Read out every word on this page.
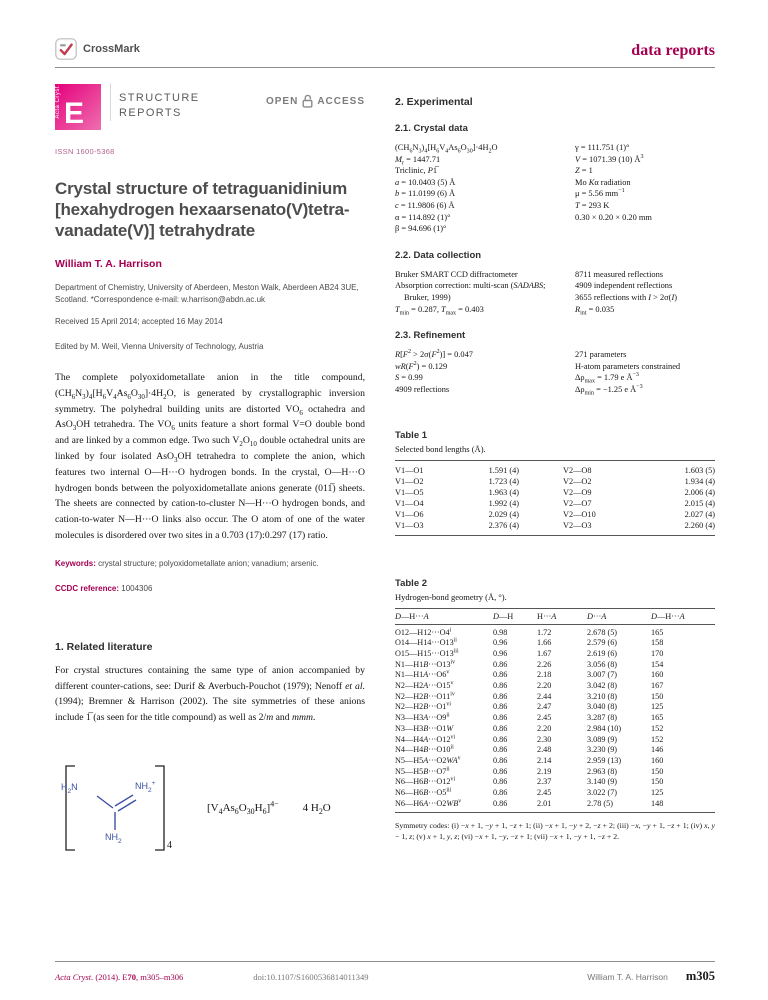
CrossMark	data reports
Acta Cryst E	STRUCTURE
REPORTS
OPEN ACCESS
ISSN 1600-5368
Crystal structure of tetraguanidinium
[hexahydrogen hexaarsenato(V)tetra-
vanadate(V)] tetrahydrate
William T. A. Harrison

Department of Chemistry, University of Aberdeen, Meston Walk, Aberdeen AB24 3UE, Scotland. *Correspondence e-mail: w.harrison@abdn.ac.uk

Received 15 April 2014; accepted 16 May 2014
Edited by M. Weil, Vienna University of Technology, Austria

The complete polyoxidometallate anion in the title compound, $(CH_6N_3)_4[H_6V_4As_6O_{30}]\cdot 4H_2O$, is generated by crystallographic inversion symmetry. The polyhedral building units are distorted $VO_6$ octahedra and AsO$_3$OH tetrahedra. The $VO_6$ units feature a short formal V=O double bond and are linked by a common edge. Two such $V_2O_{10}$ double octahedral units are linked by four isolated AsO$_3$OH tetrahedra to complete the anion, which features two internal O—H···O hydrogen bonds. In the crystal, O—H···O hydrogen bonds between the polyoxidometallate anions generate (011̅) sheets. The sheets are connected by cation-to-cluster N—H···O hydrogen bonds, and cation-to-water N—H···O links also occur. The O atom of one of the water molecules is disordered over two sites in a 0.703 (17):0.297 (17) ratio.

Keywords: crystal structure; polyoxidometallate anion; vanadium; arsenic.

CCDC reference: 1004306

1. Related literature

For crystal structures containing the same type of anion accompanied by different counter-cations, see: Durif & Averbuch-Pouchot (1979); Nenoff et al. (1994); Bremner & Harrison (2002). The site symmetries of these anions include 1̅ (as seen for the title compound) as well as 2/m and mmm.

$H_2N$	$NH_2^+$
$NH_2$	4
$[V_4As_6O_{30}H_6]^{4-}$ 4 $H_2O$
2. Experimental
2.1. Crystal data
$(CH_6N_3)_4[H_6V_4As_6O_{30}]\cdot 4H_2O$
$M_r = 1447.71$
Triclinic, P1̅
a = 10.0403 (5) Å
b = 11.0199 (6) Å
c = 11.9806 (6) Å
α = 114.892 (1)°
β = 94.696 (1)°
γ = 111.751 (1)°
V = 1071.39 (10) $Å^3$
Z = 1
Mo Kα radiation
μ = 5.56 $mm^{-1}$
T = 293 K
0.30 × 0.20 × 0.20 mm
2.2. Data collection
Bruker SMART CCD diffractometer
Absorption correction: multi-scan (SADABS; Bruker, 1999)
$T_{min} = 0.287$, $T_{max} = 0.403$
8711 measured reflections
4909 independent reflections
3655 reflections with I > 2σ(I)
$R_{int} = 0.035$
2.3. Refinement
$R[F^2 > 2\sigma(F^2)] = 0.047$
$wR(F^2) = 0.129$
S = 0.99
4909 reflections
271 parameters
H-atom parameters constrained
$\Delta\rho_{max} = 1.79$ e $Å^{-3}$
$\Delta\rho_{min} = -1.25$ e $Å^{-3}$
Table 1
Selected bond lengths (Å).
V1—O1	1.591 (4)	V2—O8	1.603 (5)
V1—O2	1.723 (4)	V2—O2	1.934 (4)
V1—O5	1.963 (4)	V2—O9	2.006 (4)
V1—O4	1.992 (4)	V2—O7	2.015 (4)
V1—O6	2.029 (4)	V2—O10	2.027 (4)
V1—O3	2.376 (4)	V2—O3	2.260 (4)
Table 2
Hydrogen-bond geometry (Å, °).
D—H···A	D—H	H···A	D···A	D—H···A
$O12—H12\cdot\cdot\cdot O4^i$	0.98	1.72	2.678 (5)	165
$O14—H14\cdot\cdot\cdot O13^{ii}$	0.96	1.66	2.579 (6)	158
$O15—H15\cdot\cdot\cdot O13^{iii}$	0.96	1.67	2.619 (6)	170
$N1—H1B\cdot\cdot\cdot O13^{iv}$	0.86	2.26	3.056 (8)	154
$N1—H1A\cdot\cdot\cdot O6^v$	0.86	2.18	3.007 (7)	160
$N2—H2A\cdot\cdot\cdot O15^v$	0.86	2.20	3.042 (8)	167
$N2—H2B\cdot\cdot\cdot O11^{iv}$	0.86	2.44	3.210 (8)	150
$N2—H2B\cdot\cdot\cdot O1^{vi}$	0.86	2.47	3.040 (8)	125
$N3—H3A\cdot\cdot\cdot O9^{ii}$	0.86	2.45	3.287 (8)	165
N3—H3B···O1W	0.86	2.20	2.984 (10)	152
$N4—H4A\cdot\cdot\cdot O12^{vi}$	0.86	2.30	3.089 (9)	152
$N4—H4B\cdot\cdot\cdot O10^{ii}$	0.86	2.48	3.230 (9)	146
$N5—H5A\cdot\cdot\cdot O2WA^v$	0.86	2.14	2.959 (13)	160
$N5—H5B\cdot\cdot\cdot O7^{ii}$	0.86	2.19	2.963 (8)	150
$N6—H6B\cdot\cdot\cdot O12^{vi}$	0.86	2.37	3.140 (9)	150
$N6—H6B\cdot\cdot\cdot O5^{iii}$	0.86	2.45	3.022 (7)	125
$N6—H6A\cdot\cdot\cdot O2WB^v$	0.86	2.01	2.78 (5)	148

Symmetry codes: (i) −x + 1, −y + 1, −z + 1; (ii) −x + 1, −y + 2, −z + 2; (iii) −x, −y + 1, −z + 1; (iv) x, y − 1, z; (v) x + 1, y, z; (vi) −x + 1, −y, −z + 1; (vii) −x + 1, −y + 1, −z + 2.

Acta Cryst. (2014). E70, m305–m306	doi:10.1107/S1600536814011349	William T. A. Harrison m305
